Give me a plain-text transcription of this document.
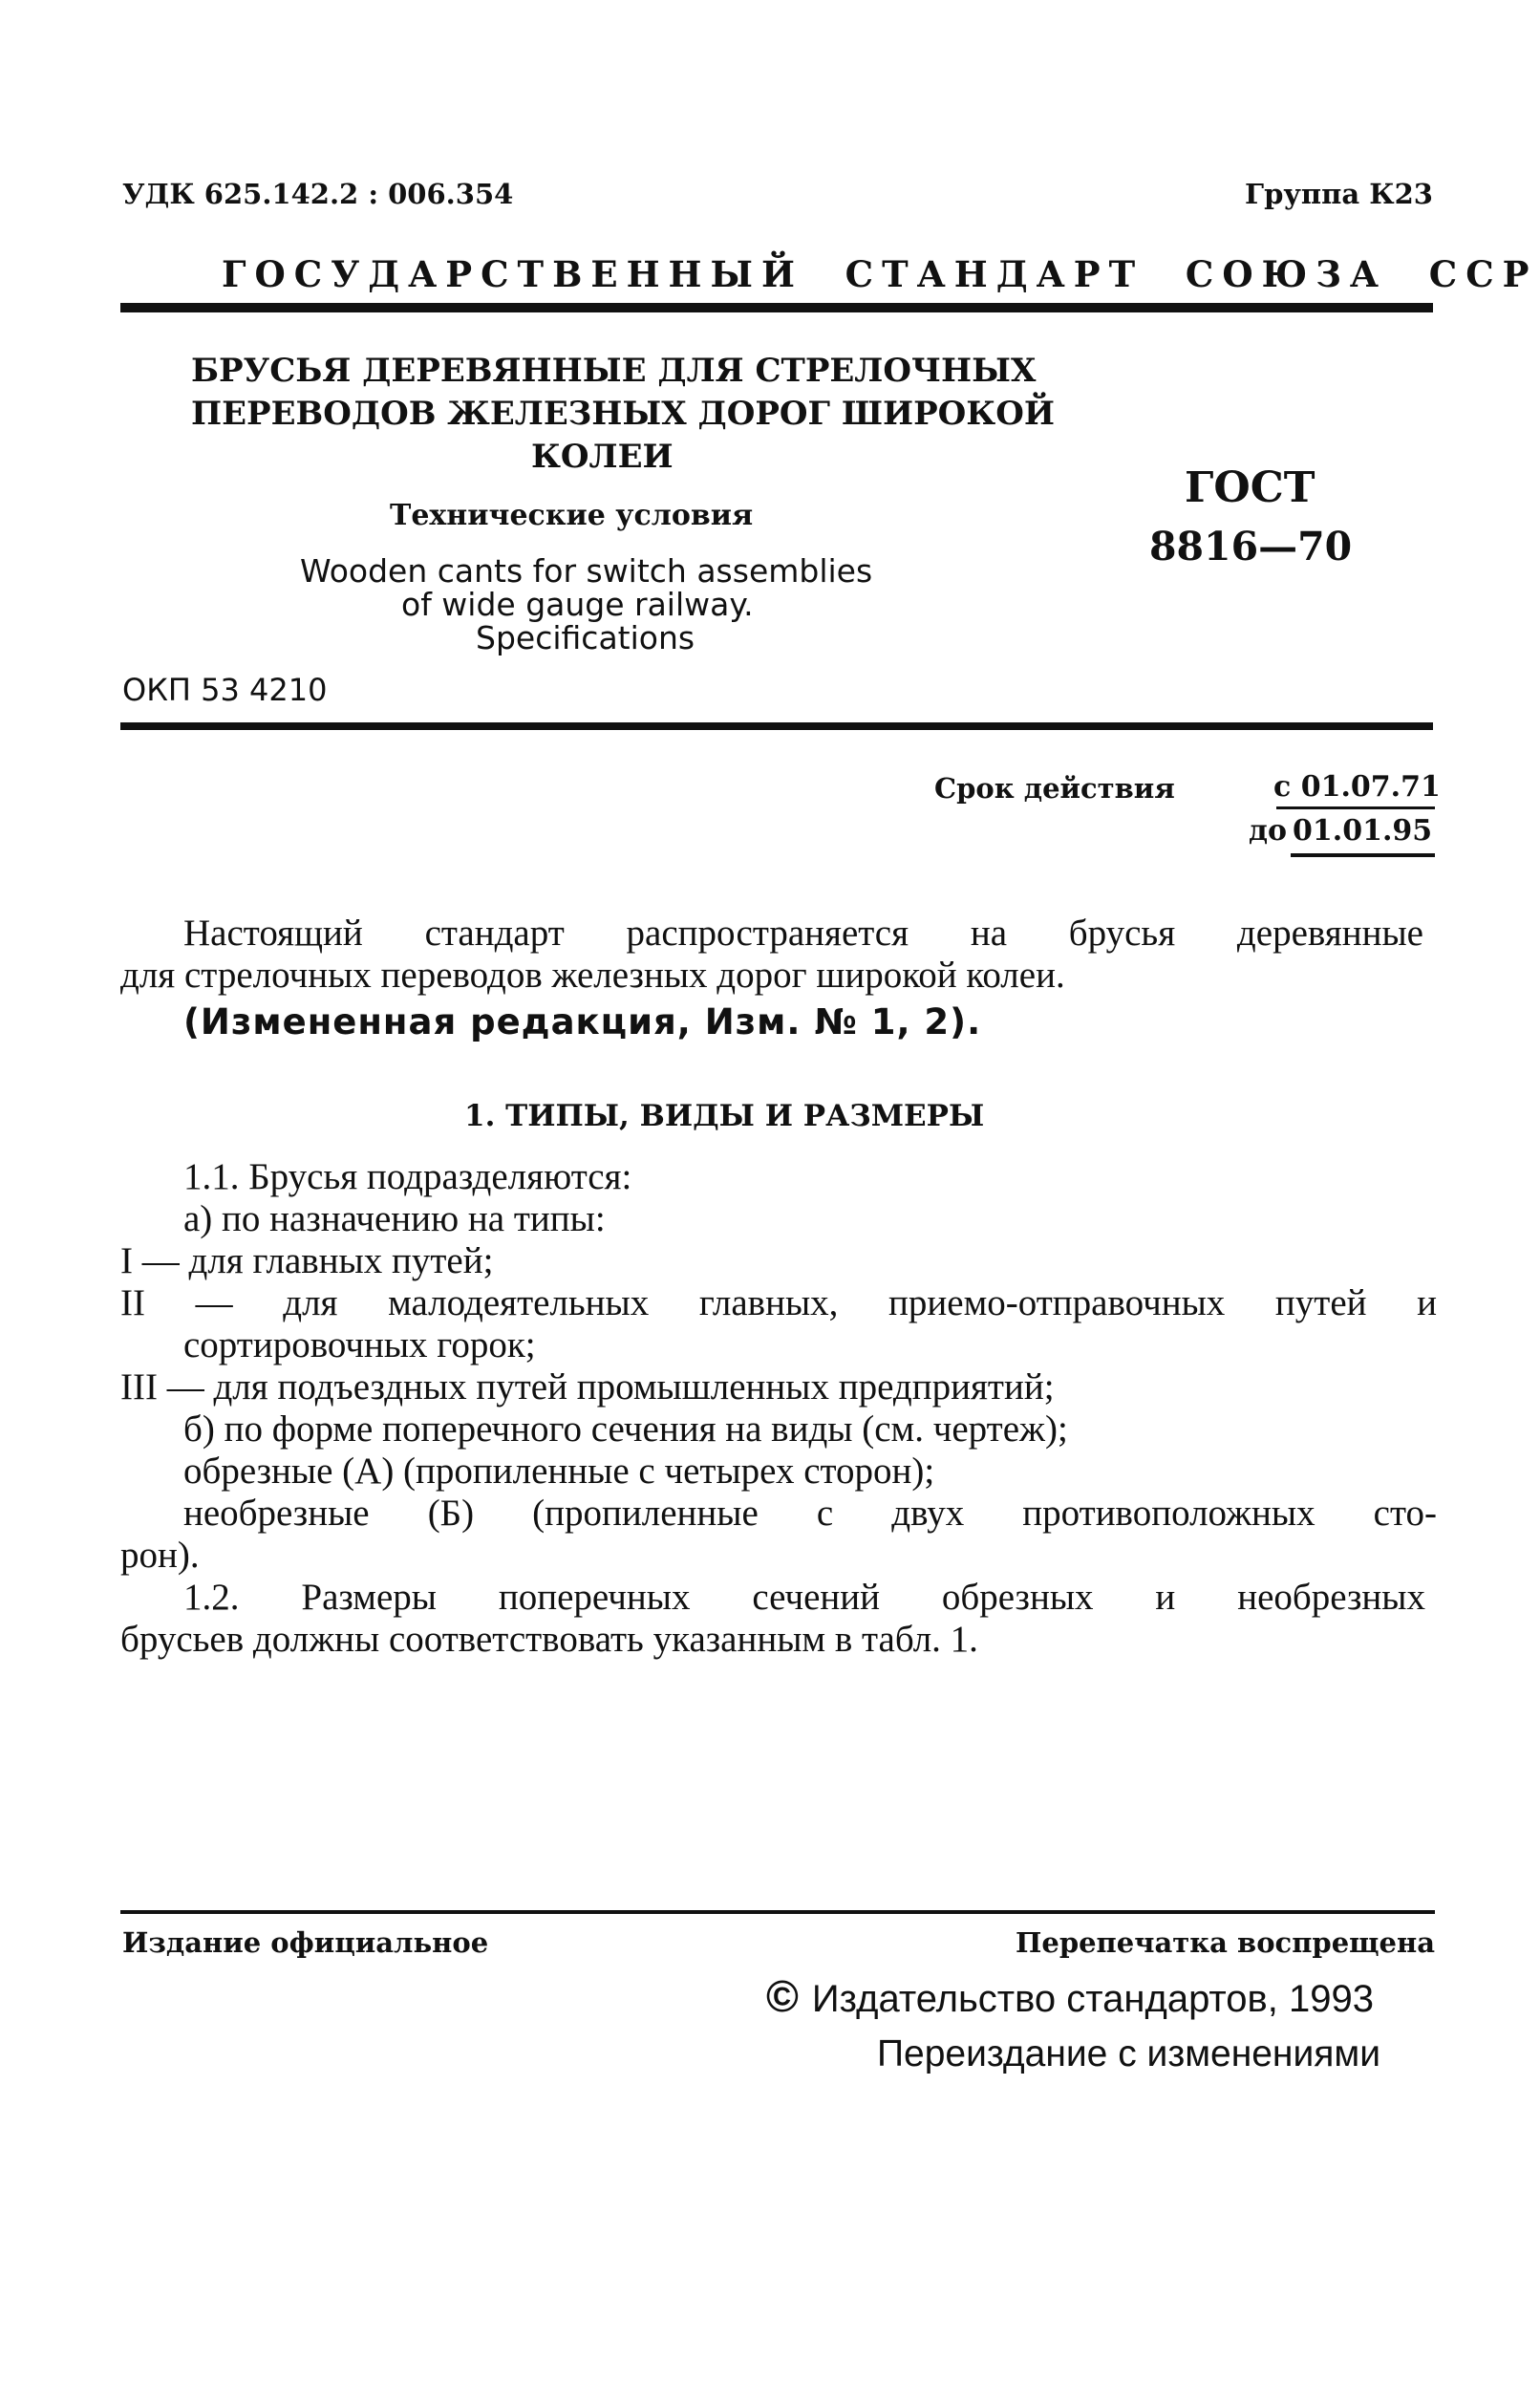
УДК 625.142.2 : 006.354	Группа К23
ГОСУДАРСТВЕННЫЙ  СТАНДАРТ  СОЮЗА  ССР
БРУСЬЯ ДЕРЕВЯННЫЕ ДЛЯ СТРЕЛОЧНЫХ
ПЕРЕВОДОВ ЖЕЛЕЗНЫХ ДОРОГ ШИРОКОЙ
КОЛЕИ
Технические условия
Wooden cants for switch assemblies
of wide gauge railway.
Specifications
ОКП 53 4210
ГОСТ
8816—70
Срок действия	с 01.07.71
до 01.01.95
Настоящий стандарт распространяется на брусья деревянные
для стрелочных переводов железных дорог широкой колеи.
(Измененная редакция, Изм. № 1, 2).
1. ТИПЫ, ВИДЫ И РАЗМЕРЫ
1.1. Брусья подразделяются:
а) по назначению на типы:
I — для главных путей;
II — для малодеятельных главных, приемо-отправочных путей и
сортировочных горок;
III — для подъездных путей промышленных предприятий;
б) по форме поперечного сечения на виды (см. чертеж);
обрезные (А) (пропиленные с четырех сторон);
необрезные (Б) (пропиленные с двух противоположных сто-
рон).
1.2. Размеры поперечных сечений обрезных и необрезных
брусьев должны соответствовать указанным в табл. 1.
Издание официальное	Перепечатка воспрещена
© Издательство стандартов, 1993
Переиздание с изменениями
